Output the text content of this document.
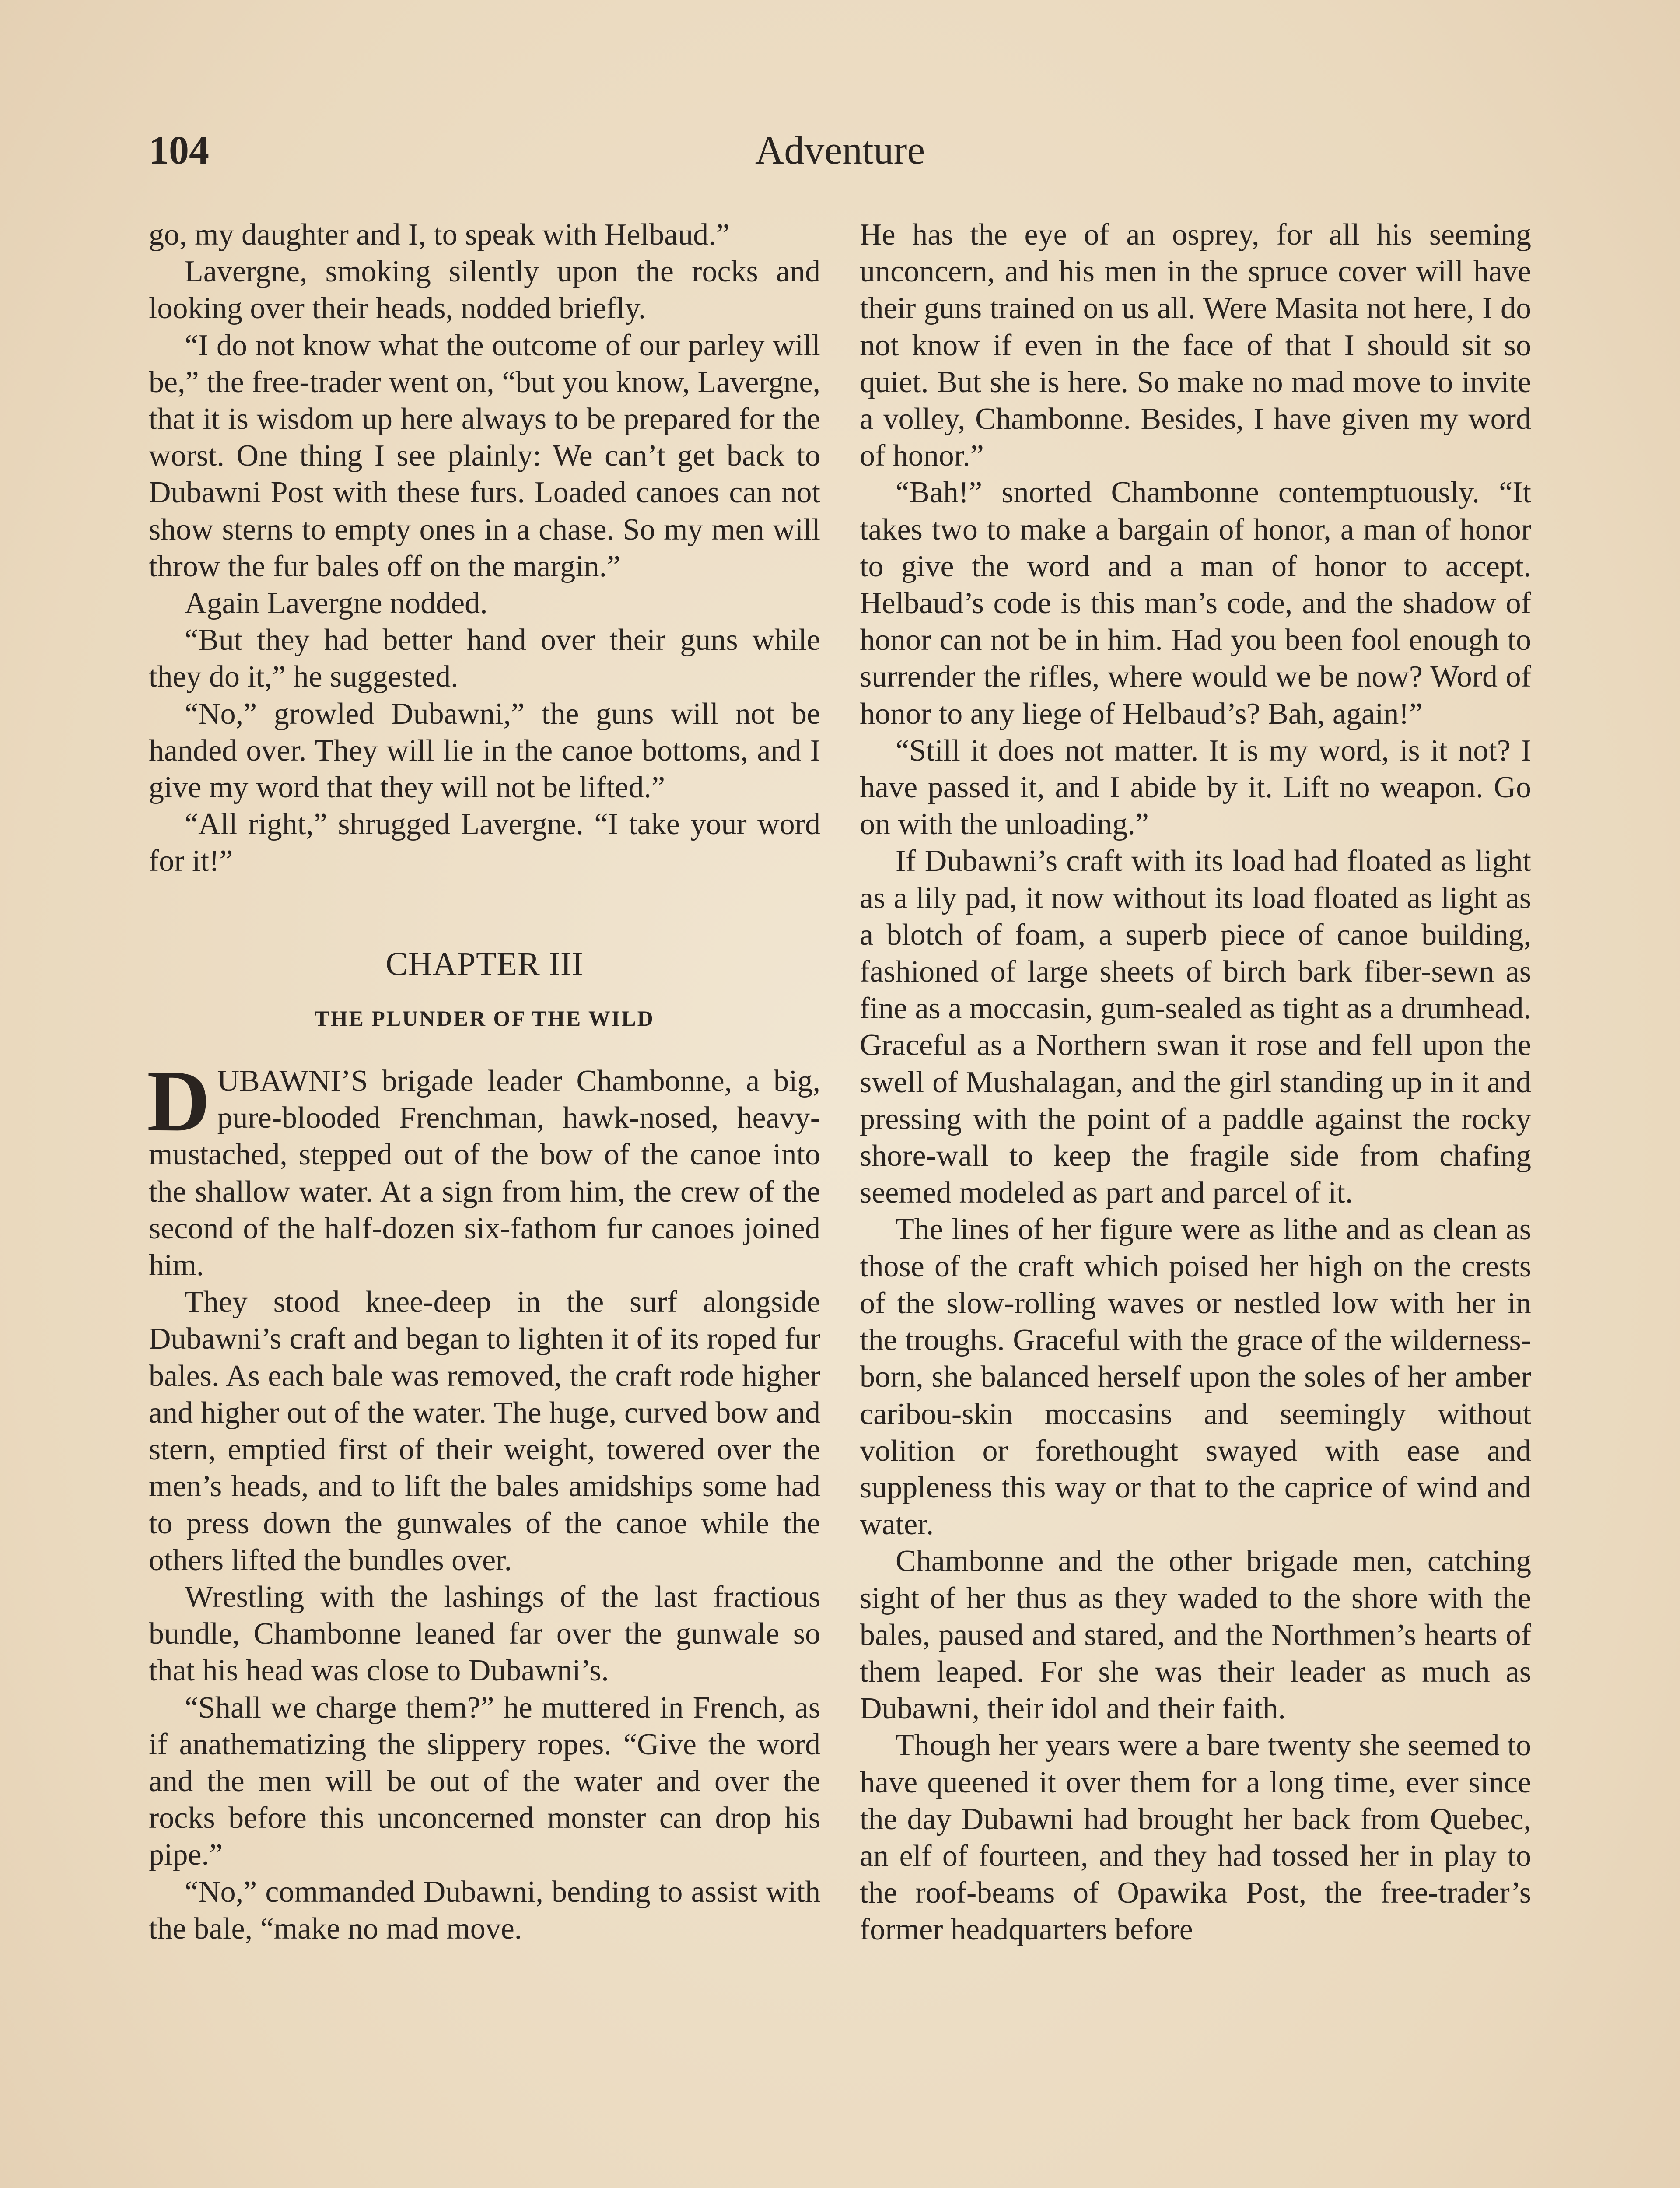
104	Adventure

go, my daughter and I, to speak with Helbaud.”

Lavergne, smoking silently upon the rocks and looking over their heads, nodded briefly.

“I do not know what the outcome of our parley will be,” the free-trader went on, “but you know, Lavergne, that it is wisdom up here always to be prepared for the worst. One thing I see plainly: We can’t get back to Dubawni Post with these furs. Loaded canoes can not show sterns to empty ones in a chase. So my men will throw the fur bales off on the margin.”

Again Lavergne nodded.

“But they had better hand over their guns while they do it,” he suggested.

“No,” growled Dubawni,” the guns will not be handed over. They will lie in the canoe bottoms, and I give my word that they will not be lifted.”

“All right,” shrugged Lavergne. “I take your word for it!”

CHAPTER III
THE PLUNDER OF THE WILD

DUBAWNI’S brigade leader Chambonne, a big, pure-blooded Frenchman, hawk-nosed, heavy-mustached, stepped out of the bow of the canoe into the shallow water. At a sign from him, the crew of the second of the half-dozen six-fathom fur canoes joined him.

They stood knee-deep in the surf alongside Dubawni’s craft and began to lighten it of its roped fur bales. As each bale was removed, the craft rode higher and higher out of the water. The huge, curved bow and stern, emptied first of their weight, towered over the men’s heads, and to lift the bales amidships some had to press down the gunwales of the canoe while the others lifted the bundles over.

Wrestling with the lashings of the last fractious bundle, Chambonne leaned far over the gunwale so that his head was close to Dubawni’s.

“Shall we charge them?” he muttered in French, as if anathematizing the slippery ropes. “Give the word and the men will be out of the water and over the rocks before this unconcerned monster can drop his pipe.”

“No,” commanded Dubawni, bending to assist with the bale, “make no mad move.

He has the eye of an osprey, for all his seeming unconcern, and his men in the spruce cover will have their guns trained on us all. Were Masita not here, I do not know if even in the face of that I should sit so quiet. But she is here. So make no mad move to invite a volley, Chambonne. Besides, I have given my word of honor.”

“Bah!” snorted Chambonne contemptuously. “It takes two to make a bargain of honor, a man of honor to give the word and a man of honor to accept. Helbaud’s code is this man’s code, and the shadow of honor can not be in him. Had you been fool enough to surrender the rifles, where would we be now? Word of honor to any liege of Helbaud’s? Bah, again!”

“Still it does not matter. It is my word, is it not? I have passed it, and I abide by it. Lift no weapon. Go on with the unloading.”

If Dubawni’s craft with its load had floated as light as a lily pad, it now without its load floated as light as a blotch of foam, a superb piece of canoe building, fashioned of large sheets of birch bark fiber-sewn as fine as a moccasin, gum-sealed as tight as a drumhead. Graceful as a Northern swan it rose and fell upon the swell of Mushalagan, and the girl standing up in it and pressing with the point of a paddle against the rocky shore-wall to keep the fragile side from chafing seemed modeled as part and parcel of it.

The lines of her figure were as lithe and as clean as those of the craft which poised her high on the crests of the slow-rolling waves or nestled low with her in the troughs. Graceful with the grace of the wilderness-born, she balanced herself upon the soles of her amber caribou-skin moccasins and seemingly without volition or forethought swayed with ease and suppleness this way or that to the caprice of wind and water.

Chambonne and the other brigade men, catching sight of her thus as they waded to the shore with the bales, paused and stared, and the Northmen’s hearts of them leaped. For she was their leader as much as Dubawni, their idol and their faith.

Though her years were a bare twenty she seemed to have queened it over them for a long time, ever since the day Dubawni had brought her back from Quebec, an elf of fourteen, and they had tossed her in play to the roof-beams of Opawika Post, the free-trader’s former headquarters before
